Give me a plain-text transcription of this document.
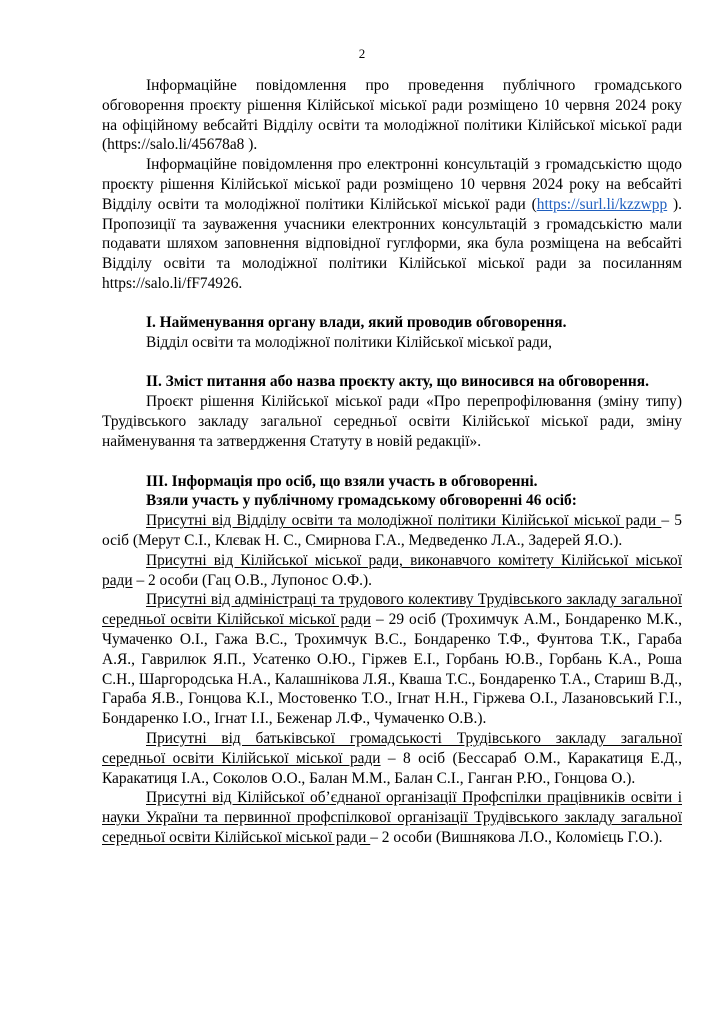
2

Інформаційне повідомлення про проведення публічного громадського обговорення проєкту рішення Кілійської міської ради розміщено 10 червня 2024 року на офіційному вебсайті Відділу освіти та молодіжної політики Кілійської міської ради (https://salo.li/45678a8 ).

Інформаційне повідомлення про електронні консультацій з громадськістю щодо проєкту рішення Кілійської міської ради розміщено 10 червня 2024 року на вебсайті Відділу освіти та молодіжної політики Кілійської міської ради (https://surl.li/kzzwpp ). Пропозиції та зауваження учасники електронних консультацій з громадськістю мали подавати шляхом заповнення відповідної гуглформи, яка була розміщена на вебсайті Відділу освіти та молодіжної політики Кілійської міської ради за посиланням https://salo.li/fF74926.

I. Найменування органу влади, який проводив обговорення.

Відділ освіти та молодіжної політики Кілійської міської ради,

II. Зміст питання або назва проєкту акту, що виносився на обговорення.

Проєкт рішення Кілійської міської ради «Про перепрофілювання (зміну типу) Трудівського закладу загальної середньої освіти Кілійської міської ради, зміну найменування та затвердження Статуту в новій редакції».

III. Інформація про осіб, що взяли участь в обговоренні.

Взяли участь у публічному громадському обговоренні 46 осіб:

Присутні від Відділу освіти та молодіжної політики Кілійської міської ради – 5 осіб (Мерут С.І., Клєвак Н. С., Смирнова Г.А., Медведенко Л.А., Задерей Я.О.).

Присутні від Кілійської міської ради, виконавчого комітету Кілійської міської ради – 2 особи (Гац О.В., Лупонос О.Ф.).

Присутні від адміністраці та трудового колективу Трудівського закладу загальної середньої освіти Кілійської міської ради – 29 осіб (Трохимчук А.М., Бондаренко М.К., Чумаченко О.І., Гажа В.С., Трохимчук В.С., Бондаренко Т.Ф., Фунтова Т.К., Гараба А.Я., Гаврилюк Я.П., Усатенко О.Ю., Гіржев Е.І., Горбань Ю.В., Горбань К.А., Роша С.Н., Шаргородська Н.А., Калашнікова Л.Я., Кваша Т.С., Бондаренко Т.А., Стариш В.Д., Гараба Я.В., Гонцова К.І., Мостовенко Т.О., Ігнат Н.Н., Гіржева О.І., Лазановський Г.І., Бондаренко І.О., Ігнат І.І., Беженар Л.Ф., Чумаченко О.В.).

Присутні від батьківської громадськості Трудівського закладу загальної середньої освіти Кілійської міської ради – 8 осіб (Бессараб О.М., Каракатиця Е.Д., Каракатиця І.А., Соколов О.О., Балан М.М., Балан С.І., Ганган Р.Ю., Гонцова О.).

Присутні від Кілійської об’єднаної організації Профспілки працівників освіти і науки України та первинної профспілкової організації Трудівського закладу загальної середньої освіти Кілійської міської ради – 2 особи (Вишнякова Л.О., Коломієць Г.О.).
